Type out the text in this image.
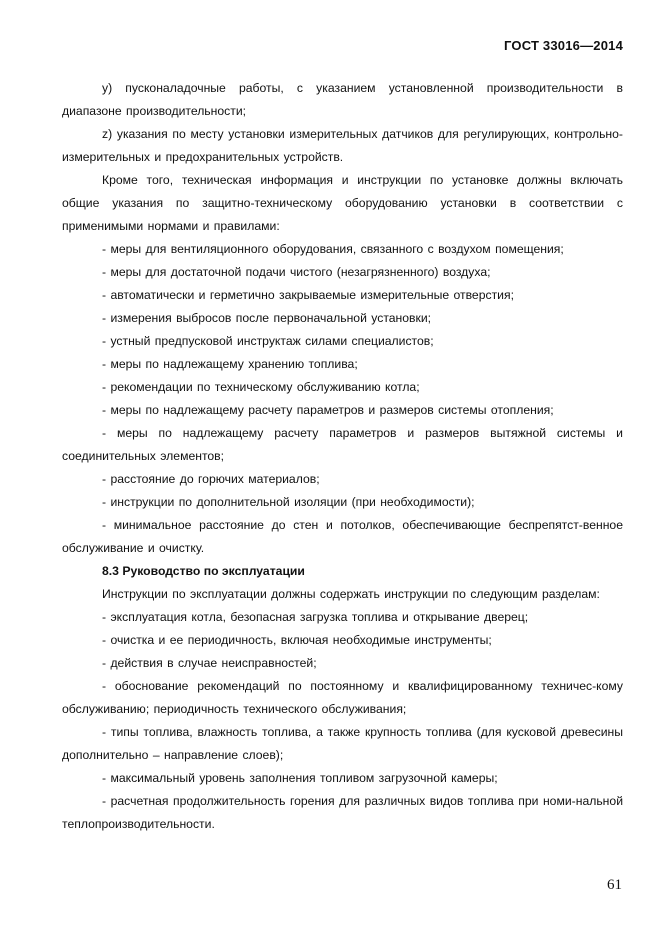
ГОСТ 33016—2014

у) пусконаладочные работы, с указанием установленной производительности в диапазоне производительности;

z) указания по месту установки измерительных датчиков для регулирующих, контрольно-измерительных и предохранительных устройств.

Кроме того, техническая информация и инструкции по установке должны включать общие указания по защитно-техническому оборудованию установки в соответствии с применимыми нормами и правилами:

- меры для вентиляционного оборудования, связанного с воздухом помещения;

- меры для достаточной подачи чистого (незагрязненного) воздуха;

- автоматически и герметично закрываемые измерительные отверстия;

- измерения выбросов после первоначальной установки;

- устный предпусковой инструктаж силами специалистов;

- меры по надлежащему хранению топлива;

- рекомендации по техническому обслуживанию котла;

- меры по надлежащему расчету параметров и размеров системы отопления;

- меры по надлежащему расчету параметров и размеров вытяжной системы и соединительных элементов;

- расстояние до горючих материалов;

- инструкции по дополнительной изоляции (при необходимости);

- минимальное расстояние до стен и потолков, обеспечивающие беспрепятст-венное обслуживание и очистку.

8.3 Руководство по эксплуатации

Инструкции по эксплуатации должны содержать инструкции по следующим разделам:

- эксплуатация котла, безопасная загрузка топлива и открывание дверец;

- очистка и ее периодичность, включая необходимые инструменты;

- действия в случае неисправностей;

- обоснование рекомендаций по постоянному и квалифицированному техничес-кому обслуживанию; периодичность технического обслуживания;

- типы топлива, влажность топлива, а также крупность топлива (для кусковой древесины дополнительно – направление слоев);

- максимальный уровень заполнения топливом загрузочной камеры;

- расчетная продолжительность горения для различных видов топлива при номи-нальной теплопроизводительности.

61
